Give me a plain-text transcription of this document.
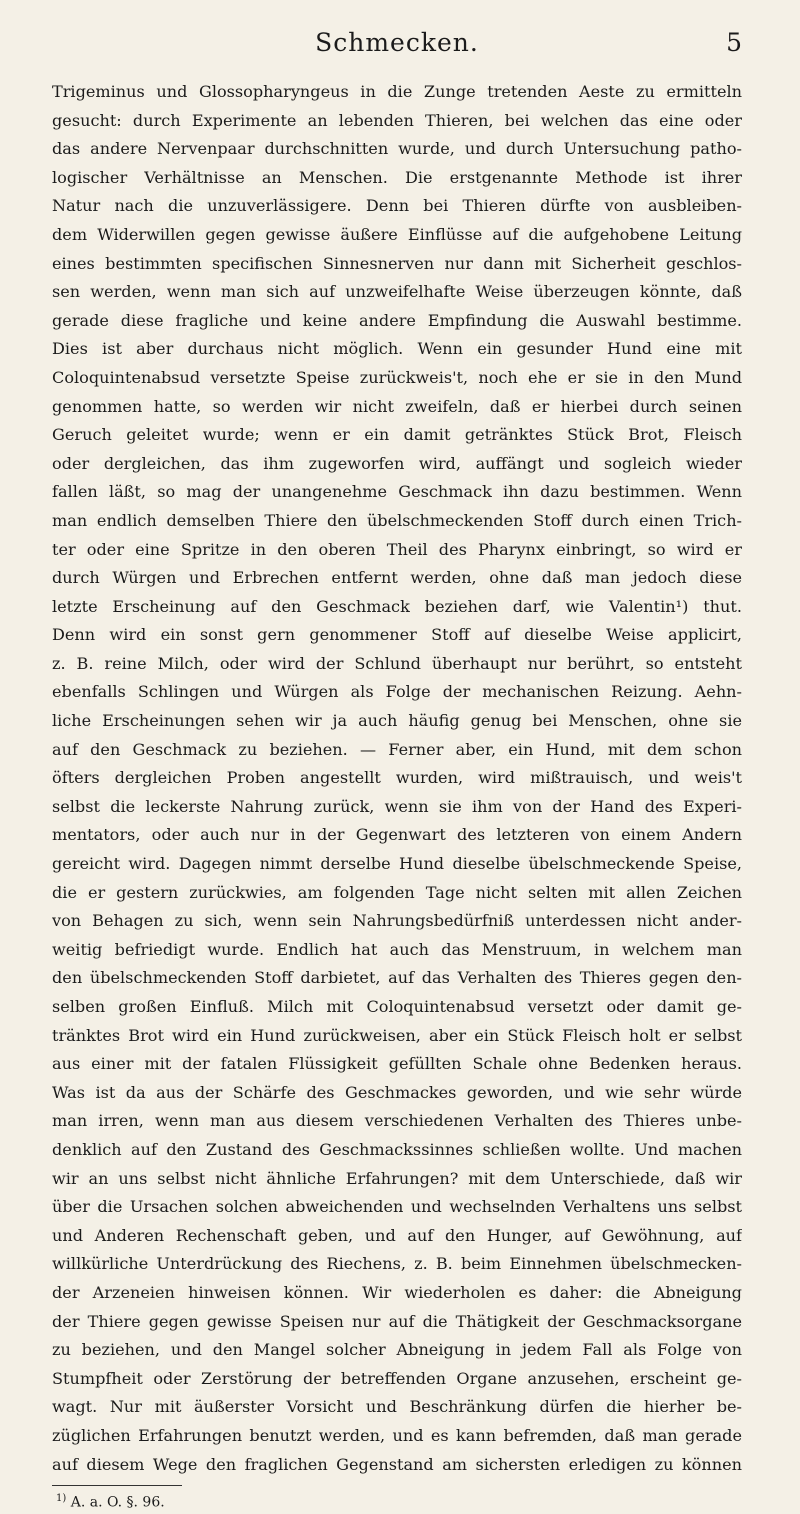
Schmecken.	5
Trigeminus und Glossopharyngeus in die Zunge tretenden Aeste zu ermitteln
gesucht: durch Experimente an lebenden Thieren, bei welchen das eine oder
das andere Nervenpaar durchschnitten wurde, und durch Untersuchung patho-
logischer Verhältnisse an Menschen. Die erstgenannte Methode ist ihrer
Natur nach die unzuverlässigere. Denn bei Thieren dürfte von ausbleiben-
dem Widerwillen gegen gewisse äußere Einflüsse auf die aufgehobene Leitung
eines bestimmten specifischen Sinnesnerven nur dann mit Sicherheit geschlos-
sen werden, wenn man sich auf unzweifelhafte Weise überzeugen könnte, daß
gerade diese fragliche und keine andere Empfindung die Auswahl bestimme.
Dies ist aber durchaus nicht möglich. Wenn ein gesunder Hund eine mit
Coloquintenabsud versetzte Speise zurückweis't, noch ehe er sie in den Mund
genommen hatte, so werden wir nicht zweifeln, daß er hierbei durch seinen
Geruch geleitet wurde; wenn er ein damit getränktes Stück Brot, Fleisch
oder dergleichen, das ihm zugeworfen wird, auffängt und sogleich wieder
fallen läßt, so mag der unangenehme Geschmack ihn dazu bestimmen. Wenn
man endlich demselben Thiere den übelschmeckenden Stoff durch einen Trich-
ter oder eine Spritze in den oberen Theil des Pharynx einbringt, so wird er
durch Würgen und Erbrechen entfernt werden, ohne daß man jedoch diese
letzte Erscheinung auf den Geschmack beziehen darf, wie Valentin¹) thut.
Denn wird ein sonst gern genommener Stoff auf dieselbe Weise applicirt,
z. B. reine Milch, oder wird der Schlund überhaupt nur berührt, so entsteht
ebenfalls Schlingen und Würgen als Folge der mechanischen Reizung. Aehn-
liche Erscheinungen sehen wir ja auch häufig genug bei Menschen, ohne sie
auf den Geschmack zu beziehen. — Ferner aber, ein Hund, mit dem schon
öfters dergleichen Proben angestellt wurden, wird mißtrauisch, und weis't
selbst die leckerste Nahrung zurück, wenn sie ihm von der Hand des Experi-
mentators, oder auch nur in der Gegenwart des letzteren von einem Andern
gereicht wird. Dagegen nimmt derselbe Hund dieselbe übelschmeckende Speise,
die er gestern zurückwies, am folgenden Tage nicht selten mit allen Zeichen
von Behagen zu sich, wenn sein Nahrungsbedürfniß unterdessen nicht ander-
weitig befriedigt wurde. Endlich hat auch das Menstruum, in welchem man
den übelschmeckenden Stoff darbietet, auf das Verhalten des Thieres gegen den-
selben großen Einfluß. Milch mit Coloquintenabsud versetzt oder damit ge-
tränktes Brot wird ein Hund zurückweisen, aber ein Stück Fleisch holt er selbst
aus einer mit der fatalen Flüssigkeit gefüllten Schale ohne Bedenken heraus.
Was ist da aus der Schärfe des Geschmackes geworden, und wie sehr würde
man irren, wenn man aus diesem verschiedenen Verhalten des Thieres unbe-
denklich auf den Zustand des Geschmackssinnes schließen wollte. Und machen
wir an uns selbst nicht ähnliche Erfahrungen? mit dem Unterschiede, daß wir
über die Ursachen solchen abweichenden und wechselnden Verhaltens uns selbst
und Anderen Rechenschaft geben, und auf den Hunger, auf Gewöhnung, auf
willkürliche Unterdrückung des Riechens, z. B. beim Einnehmen übelschmecken-
der Arzeneien hinweisen können. Wir wiederholen es daher: die Abneigung
der Thiere gegen gewisse Speisen nur auf die Thätigkeit der Geschmacksorgane
zu beziehen, und den Mangel solcher Abneigung in jedem Fall als Folge von
Stumpfheit oder Zerstörung der betreffenden Organe anzusehen, erscheint ge-
wagt. Nur mit äußerster Vorsicht und Beschränkung dürfen die hierher be-
züglichen Erfahrungen benutzt werden, und es kann befremden, daß man gerade
auf diesem Wege den fraglichen Gegenstand am sichersten erledigen zu können
$^{1)}$ A. a. O. §. 96.
